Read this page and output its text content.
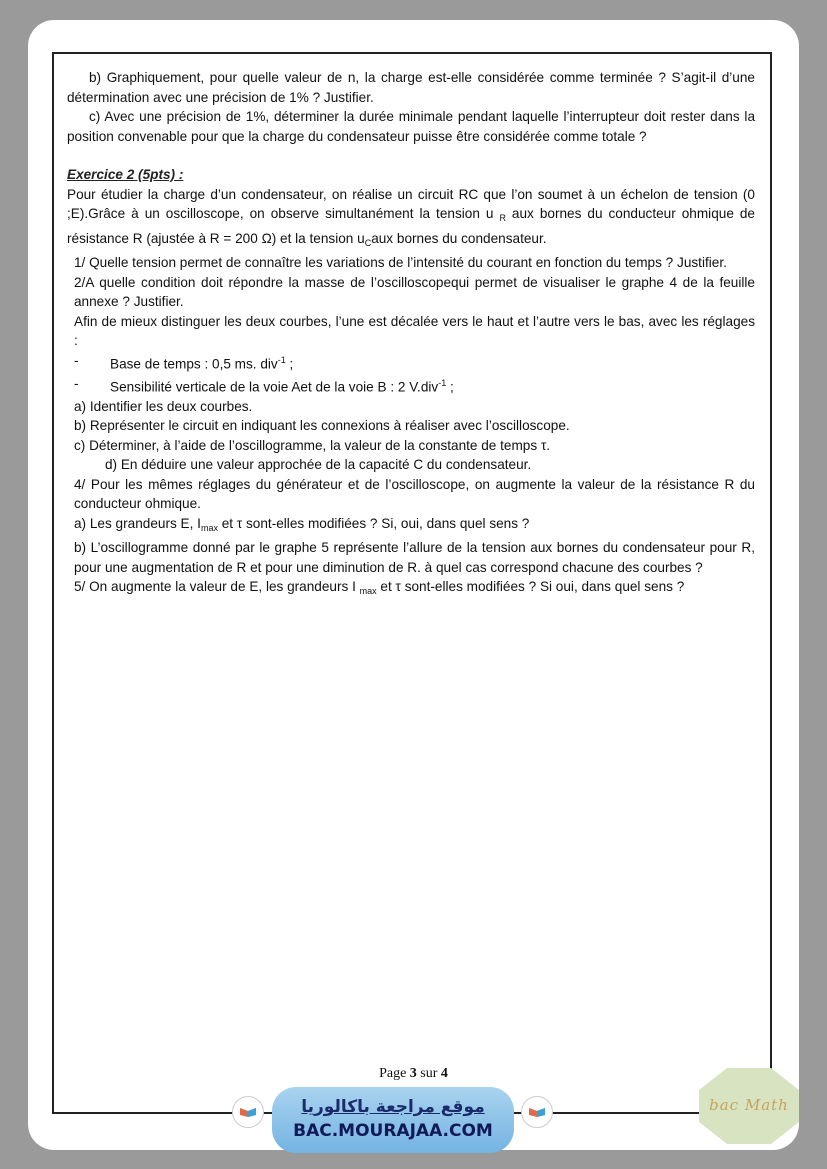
b) Graphiquement, pour quelle valeur de n, la charge est-elle considérée comme terminée ? S’agit-il d’une détermination avec une précision de 1% ? Justifier.

c) Avec une précision de 1%, déterminer la durée minimale pendant laquelle l’interrupteur doit rester dans la position convenable pour que la charge du condensateur puisse être considérée comme totale ?

Exercice 2 (5pts) :

Pour étudier la charge d’un condensateur, on réalise un circuit RC que l’on soumet à un échelon de tension (0 ;E).Grâce à un oscilloscope, on observe simultanément la tension u $_R$ aux bornes du conducteur ohmique de résistance R (ajustée à R = 200 Ω) et la tension $u_Caux$ bornes du condensateur.

1/ Quelle tension permet de connaître les variations de l’intensité du courant en fonction du temps ? Justifier.

2/A quelle condition doit répondre la masse de l’oscilloscopequi permet de visualiser le graphe 4 de la feuille annexe ? Justifier.

Afin de mieux distinguer les deux courbes, l’une est décalée vers le haut et l’autre vers le bas, avec les réglages :

-	Base de temps : 0,5 ms. div$^{-1}$ ;
-	Sensibilité verticale de la voie Aet de la voie B : 2 V.div$^{-1}$ ;

a) Identifier les deux courbes.

b) Représenter le circuit en indiquant les connexions à réaliser avec l’oscilloscope.

c) Déterminer, à l’aide de l’oscillogramme, la valeur de la constante de temps τ.

d) En déduire une valeur approchée de la capacité C du condensateur.

4/ Pour les mêmes réglages du générateur et de l’oscilloscope, on augmente la valeur de la résistance R du conducteur ohmique.

a) Les grandeurs E, $I_{max}$ et τ sont-elles modifiées ? Si, oui, dans quel sens ?

b) L’oscillogramme donné par le graphe 5 représente l’allure de la tension aux bornes du condensateur pour R, pour une augmentation de R et pour une diminution de R. à quel cas correspond chacune des courbes ?

5/ On augmente la valeur de E, les grandeurs I $_{max}$ et τ sont-elles modifiées ? Si oui, dans quel sens ?

Page 3 sur 4
موقع مراجعة باكالوريا
BAC.MOURAJAA.COM
bac Math
